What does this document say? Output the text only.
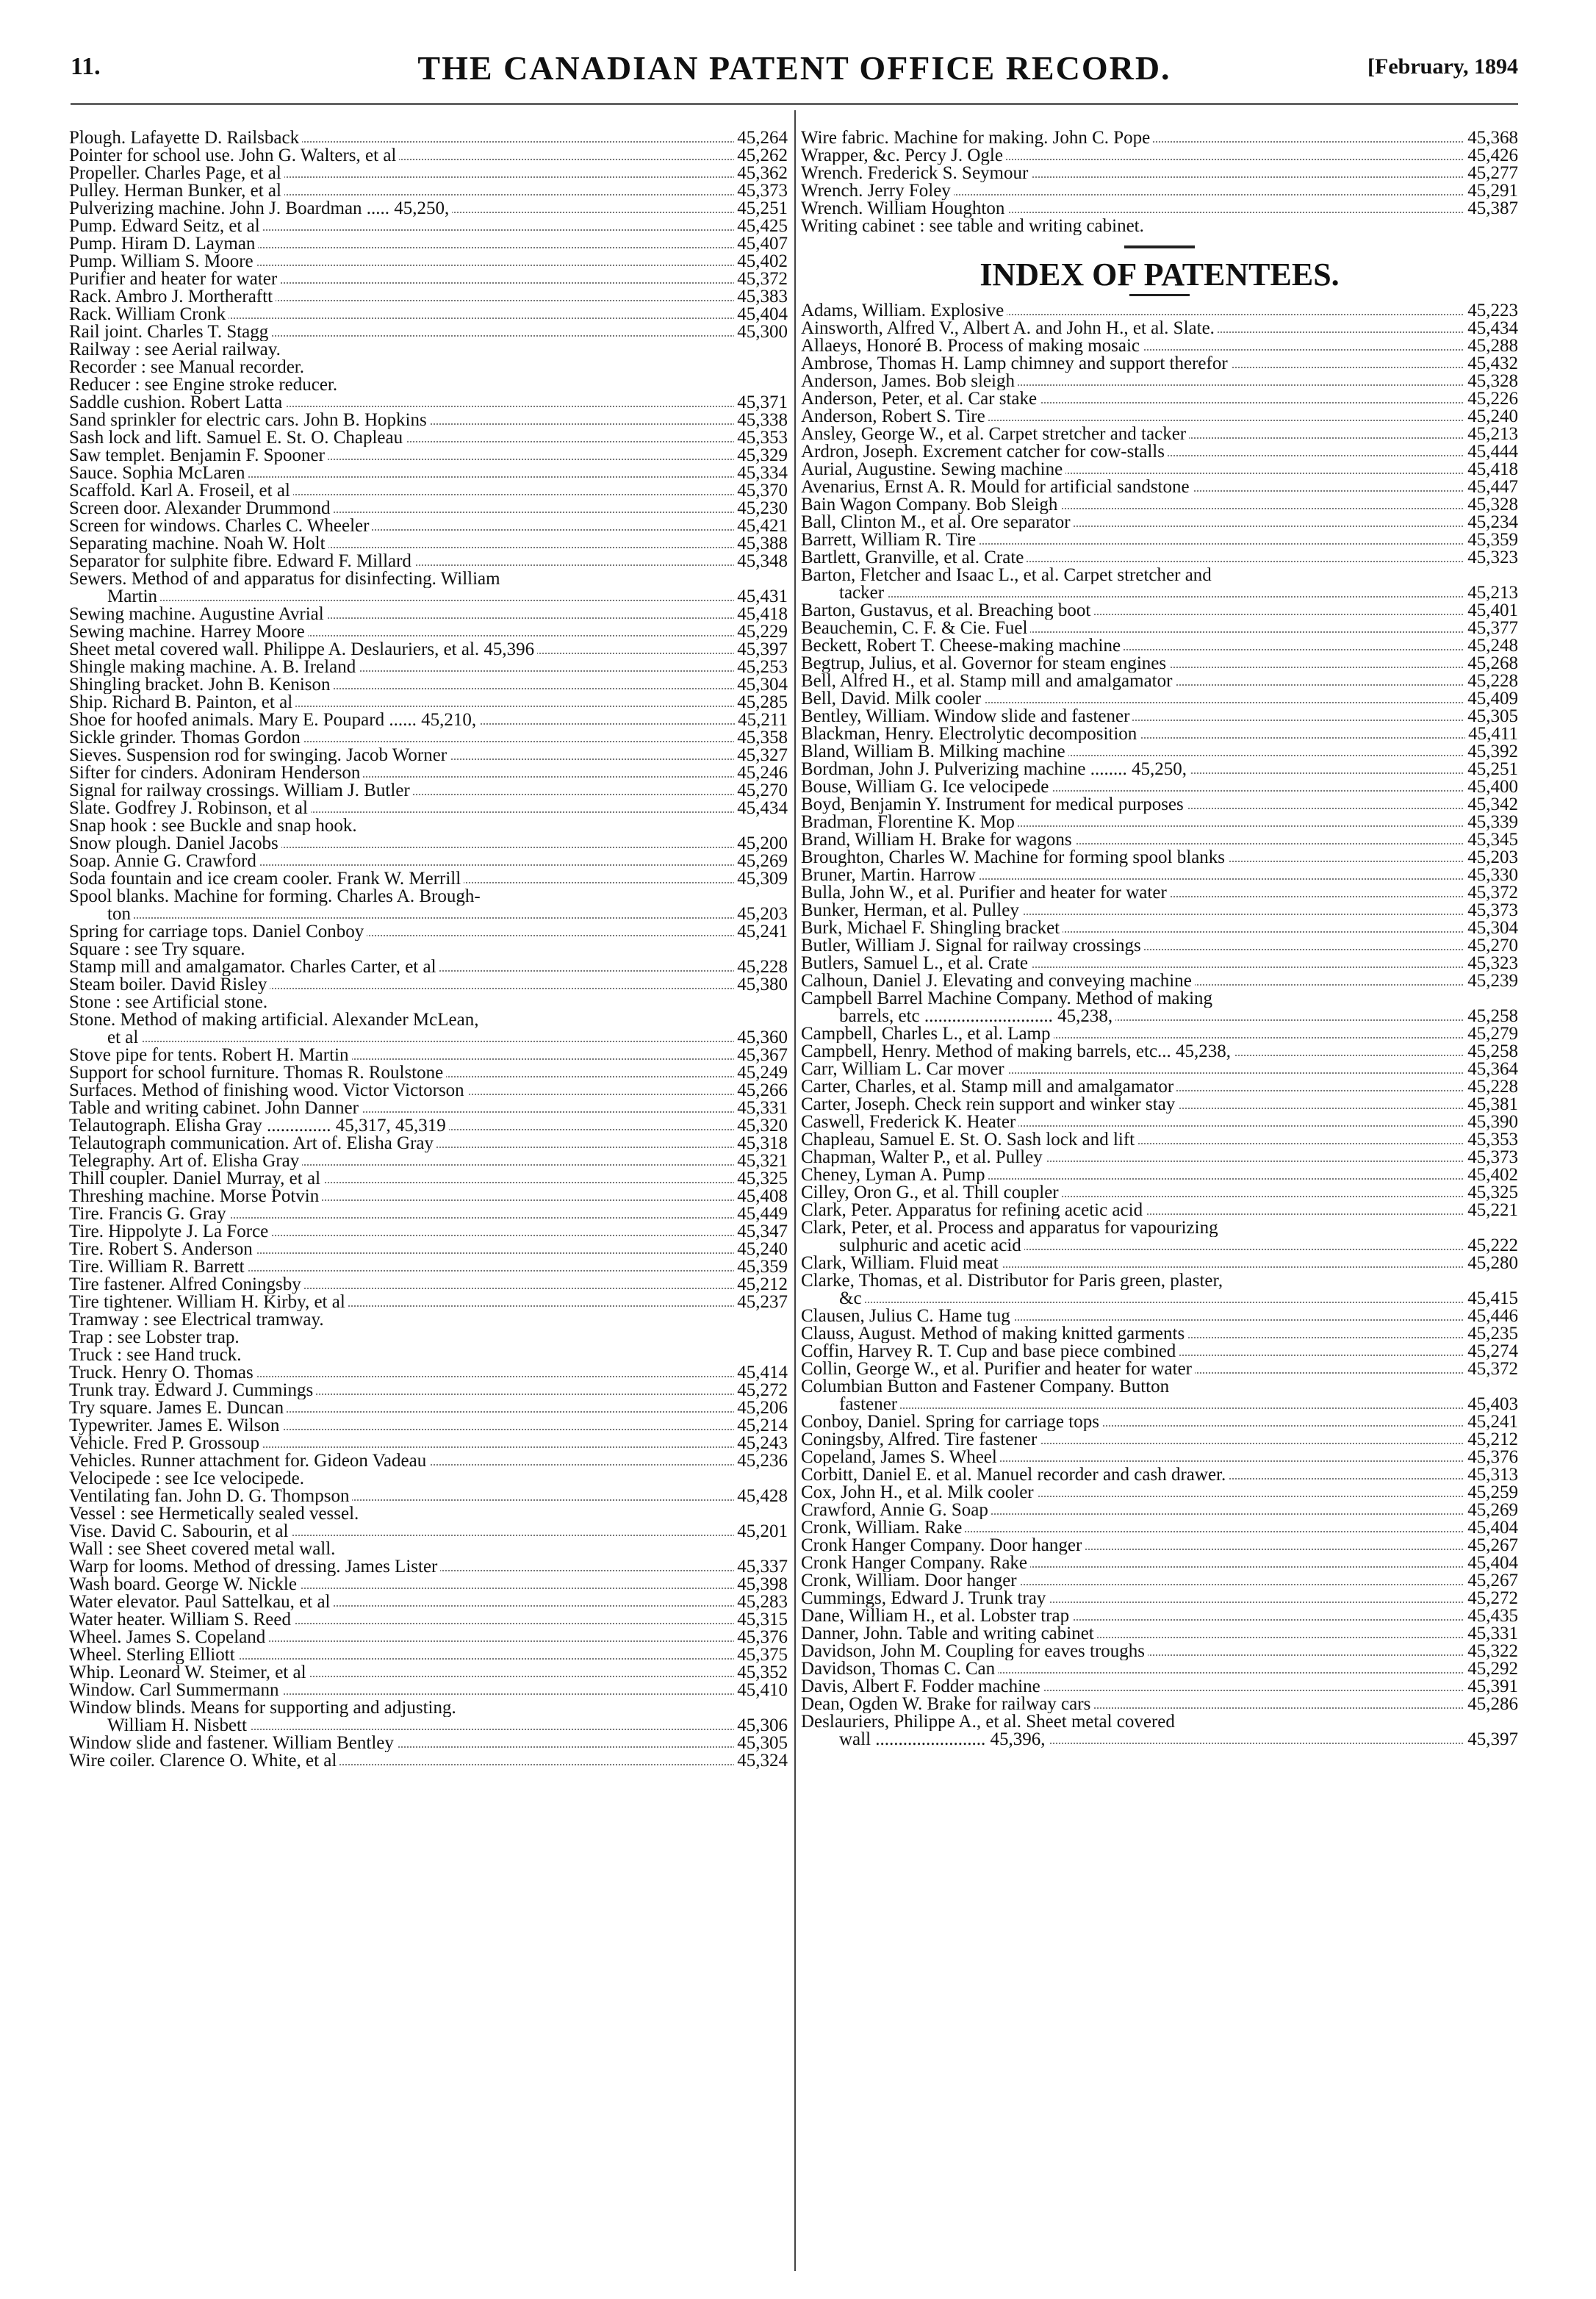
11.	THE CANADIAN PATENT OFFICE RECORD.	[February, 1894
Plough. Lafayette D. Railsback	45,264
Pointer for school use. John G. Walters, et al	45,262
Propeller. Charles Page, et al	45,362
Pulley. Herman Bunker, et al	45,373
Pulverizing machine. John J. Boardman ..... 45,250,	45,251
Pump. Edward Seitz, et al	45,425
Pump. Hiram D. Layman	45,407
Pump. William S. Moore	45,402
Purifier and heater for water	45,372
Rack. Ambro J. Mortheraftt	45,383
Rack. William Cronk	45,404
Rail joint. Charles T. Stagg	45,300
Railway : see Aerial railway.
Recorder : see Manual recorder.
Reducer : see Engine stroke reducer.
Saddle cushion. Robert Latta	45,371
Sand sprinkler for electric cars. John B. Hopkins	45,338
Sash lock and lift. Samuel E. St. O. Chapleau	45,353
Saw templet. Benjamin F. Spooner	45,329
Sauce. Sophia McLaren	45,334
Scaffold. Karl A. Froseil, et al	45,370
Screen door. Alexander Drummond	45,230
Screen for windows. Charles C. Wheeler	45,421
Separating machine. Noah W. Holt	45,388
Separator for sulphite fibre. Edward F. Millard	45,348
Sewers. Method of and apparatus for disinfecting. William
Martin	45,431
Sewing machine. Augustine Avrial	45,418
Sewing machine. Harrey Moore	45,229
Sheet metal covered wall. Philippe A. Deslauriers, et al. 45,396	45,397
Shingle making machine. A. B. Ireland	45,253
Shingling bracket. John B. Kenison	45,304
Ship. Richard B. Painton, et al	45,285
Shoe for hoofed animals. Mary E. Poupard ...... 45,210,	45,211
Sickle grinder. Thomas Gordon	45,358
Sieves. Suspension rod for swinging. Jacob Worner	45,327
Sifter for cinders. Adoniram Henderson	45,246
Signal for railway crossings. William J. Butler	45,270
Slate. Godfrey J. Robinson, et al	45,434
Snap hook : see Buckle and snap hook.
Snow plough. Daniel Jacobs	45,200
Soap. Annie G. Crawford	45,269
Soda fountain and ice cream cooler. Frank W. Merrill	45,309
Spool blanks. Machine for forming. Charles A. Brough-
ton	45,203
Spring for carriage tops. Daniel Conboy	45,241
Square : see Try square.
Stamp mill and amalgamator. Charles Carter, et al	45,228
Steam boiler. David Risley	45,380
Stone : see Artificial stone.
Stone. Method of making artificial. Alexander McLean,
et al	45,360
Stove pipe for tents. Robert H. Martin	45,367
Support for school furniture. Thomas R. Roulstone	45,249
Surfaces. Method of finishing wood. Victor Victorson	45,266
Table and writing cabinet. John Danner	45,331
Telautograph. Elisha Gray .............. 45,317, 45,319	45,320
Telautograph communication. Art of. Elisha Gray	45,318
Telegraphy. Art of. Elisha Gray	45,321
Thill coupler. Daniel Murray, et al	45,325
Threshing machine. Morse Potvin	45,408
Tire. Francis G. Gray	45,449
Tire. Hippolyte J. La Force	45,347
Tire. Robert S. Anderson	45,240
Tire. William R. Barrett	45,359
Tire fastener. Alfred Coningsby	45,212
Tire tightener. William H. Kirby, et al	45,237
Tramway : see Electrical tramway.
Trap : see Lobster trap.
Truck : see Hand truck.
Truck. Henry O. Thomas	45,414
Trunk tray. Edward J. Cummings	45,272
Try square. James E. Duncan	45,206
Typewriter. James E. Wilson	45,214
Vehicle. Fred P. Grossoup	45,243
Vehicles. Runner attachment for. Gideon Vadeau	45,236
Velocipede : see Ice velocipede.
Ventilating fan. John D. G. Thompson	45,428
Vessel : see Hermetically sealed vessel.
Vise. David C. Sabourin, et al	45,201
Wall : see Sheet covered metal wall.
Warp for looms. Method of dressing. James Lister	45,337
Wash board. George W. Nickle	45,398
Water elevator. Paul Sattelkau, et al	45,283
Water heater. William S. Reed	45,315
Wheel. James S. Copeland	45,376
Wheel. Sterling Elliott	45,375
Whip. Leonard W. Steimer, et al	45,352
Window. Carl Summermann	45,410
Window blinds. Means for supporting and adjusting.
William H. Nisbett	45,306
Window slide and fastener. William Bentley	45,305
Wire coiler. Clarence O. White, et al	45,324
Wire fabric. Machine for making. John C. Pope	45,368
Wrapper, &c. Percy J. Ogle	45,426
Wrench. Frederick S. Seymour	45,277
Wrench. Jerry Foley	45,291
Wrench. William Houghton	45,387
Writing cabinet : see table and writing cabinet.
INDEX OF PATENTEES.
Adams, William. Explosive	45,223
Ainsworth, Alfred V., Albert A. and John H., et al. Slate.	45,434
Allaeys, Honoré B. Process of making mosaic	45,288
Ambrose, Thomas H. Lamp chimney and support therefor	45,432
Anderson, James. Bob sleigh	45,328
Anderson, Peter, et al. Car stake	45,226
Anderson, Robert S. Tire	45,240
Ansley, George W., et al. Carpet stretcher and tacker	45,213
Ardron, Joseph. Excrement catcher for cow-stalls	45,444
Aurial, Augustine. Sewing machine	45,418
Avenarius, Ernst A. R. Mould for artificial sandstone	45,447
Bain Wagon Company. Bob Sleigh	45,328
Ball, Clinton M., et al. Ore separator	45,234
Barrett, William R. Tire	45,359
Bartlett, Granville, et al. Crate	45,323
Barton, Fletcher and Isaac L., et al. Carpet stretcher and
tacker	45,213
Barton, Gustavus, et al. Breaching boot	45,401
Beauchemin, C. F. & Cie. Fuel	45,377
Beckett, Robert T. Cheese-making machine	45,248
Begtrup, Julius, et al. Governor for steam engines	45,268
Bell, Alfred H., et al. Stamp mill and amalgamator	45,228
Bell, David. Milk cooler	45,409
Bentley, William. Window slide and fastener	45,305
Blackman, Henry. Electrolytic decomposition	45,411
Bland, William B. Milking machine	45,392
Bordman, John J. Pulverizing machine ........ 45,250,	45,251
Bouse, William G. Ice velocipede	45,400
Boyd, Benjamin Y. Instrument for medical purposes	45,342
Bradman, Florentine K. Mop	45,339
Brand, William H. Brake for wagons	45,345
Broughton, Charles W. Machine for forming spool blanks	45,203
Bruner, Martin. Harrow	45,330
Bulla, John W., et al. Purifier and heater for water	45,372
Bunker, Herman, et al. Pulley	45,373
Burk, Michael F. Shingling bracket	45,304
Butler, William J. Signal for railway crossings	45,270
Butlers, Samuel L., et al. Crate	45,323
Calhoun, Daniel J. Elevating and conveying machine	45,239
Campbell Barrel Machine Company. Method of making
barrels, etc ............................ 45,238,	45,258
Campbell, Charles L., et al. Lamp	45,279
Campbell, Henry. Method of making barrels, etc... 45,238,	45,258
Carr, William L. Car mover	45,364
Carter, Charles, et al. Stamp mill and amalgamator	45,228
Carter, Joseph. Check rein support and winker stay	45,381
Caswell, Frederick K. Heater	45,390
Chapleau, Samuel E. St. O. Sash lock and lift	45,353
Chapman, Walter P., et al. Pulley	45,373
Cheney, Lyman A. Pump	45,402
Cilley, Oron G., et al. Thill coupler	45,325
Clark, Peter. Apparatus for refining acetic acid	45,221
Clark, Peter, et al. Process and apparatus for vapourizing
sulphuric and acetic acid	45,222
Clark, William. Fluid meat	45,280
Clarke, Thomas, et al. Distributor for Paris green, plaster,
&c	45,415
Clausen, Julius C. Hame tug	45,446
Clauss, August. Method of making knitted garments	45,235
Coffin, Harvey R. T. Cup and base piece combined	45,274
Collin, George W., et al. Purifier and heater for water	45,372
Columbian Button and Fastener Company. Button
fastener	45,403
Conboy, Daniel. Spring for carriage tops	45,241
Coningsby, Alfred. Tire fastener	45,212
Copeland, James S. Wheel	45,376
Corbitt, Daniel E. et al. Manuel recorder and cash drawer.	45,313
Cox, John H., et al. Milk cooler	45,259
Crawford, Annie G. Soap	45,269
Cronk, William. Rake	45,404
Cronk Hanger Company. Door hanger	45,267
Cronk Hanger Company. Rake	45,404
Cronk, William. Door hanger	45,267
Cummings, Edward J. Trunk tray	45,272
Dane, William H., et al. Lobster trap	45,435
Danner, John. Table and writing cabinet	45,331
Davidson, John M. Coupling for eaves troughs	45,322
Davidson, Thomas C. Can	45,292
Davis, Albert F. Fodder machine	45,391
Dean, Ogden W. Brake for railway cars	45,286
Deslauriers, Philippe A., et al. Sheet metal covered
wall ........................ 45,396,	45,397
